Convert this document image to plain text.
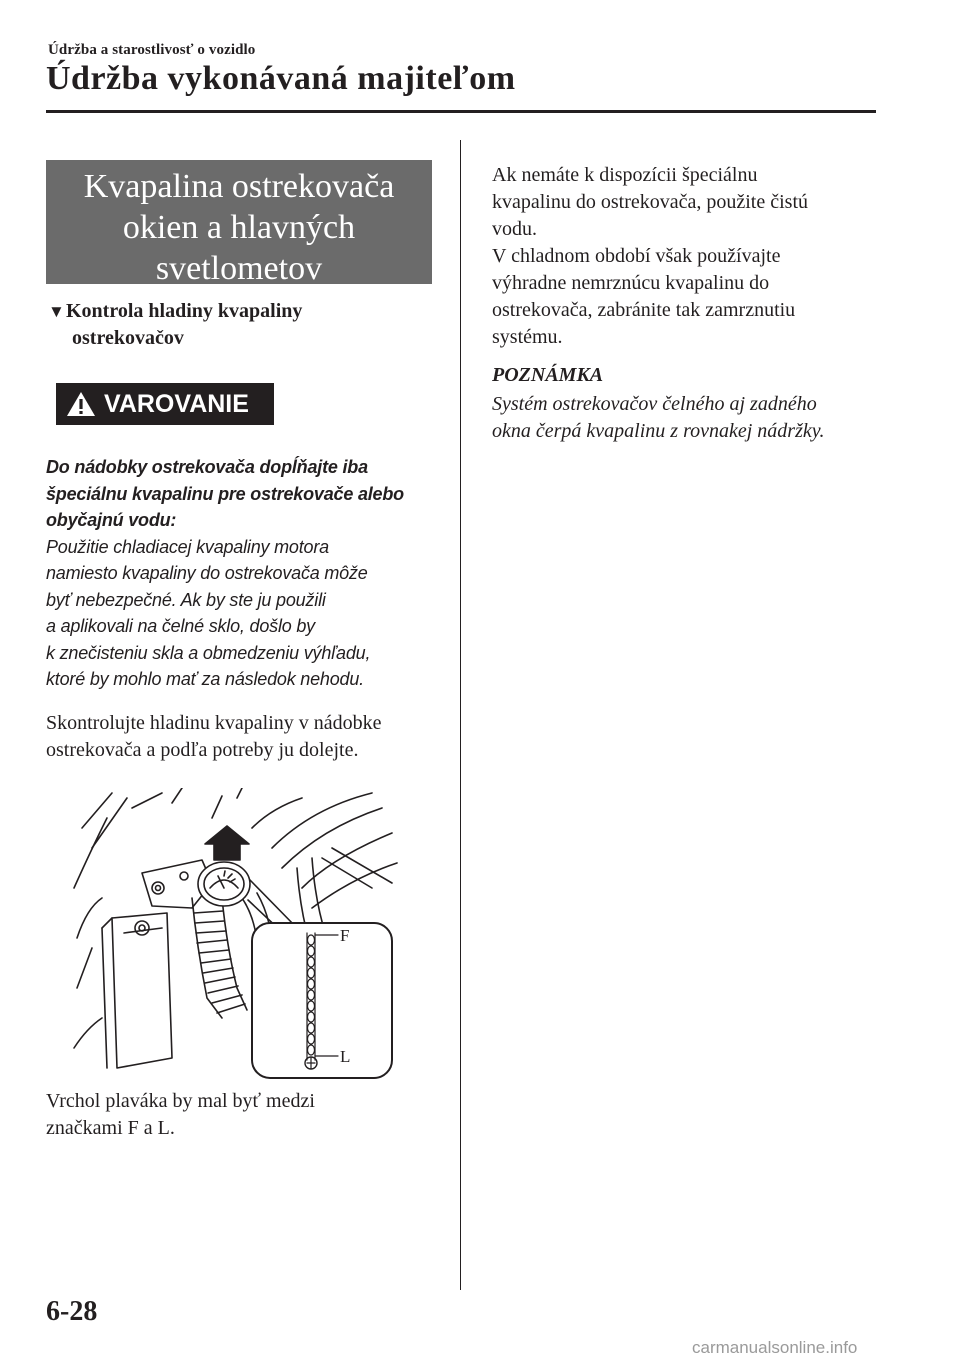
Údržba a starostlivosť o vozidlo
Údržba vykonávaná majiteľom
Kvapalina ostrekovača
okien a hlavných
svetlometov
▼Kontrola hladiny kvapaliny
ostrekovačov
VAROVANIE
Do nádobky ostrekovača dopĺňajte iba
špeciálnu kvapalinu pre ostrekovače alebo
obyčajnú vodu:
Použitie chladiacej kvapaliny motora
namiesto kvapaliny do ostrekovača môže
byť nebezpečné. Ak by ste ju použili
a aplikovali na čelné sklo, došlo by
k znečisteniu skla a obmedzeniu výhľadu,
ktoré by mohlo mať za následok nehodu.
Skontrolujte hladinu kvapaliny v nádobke
ostrekovača a podľa potreby ju dolejte.
F
L
Vrchol plaváka by mal byť medzi
značkami F a L.
Ak nemáte k dispozícii špeciálnu
kvapalinu do ostrekovača, použite čistú
vodu.
V chladnom období však používajte
výhradne nemrznúcu kvapalinu do
ostrekovača, zabránite tak zamrznutiu
systému.
POZNÁMKA
Systém ostrekovačov čelného aj zadného
okna čerpá kvapalinu z rovnakej nádržky.
6-28
carmanualsonline.info
